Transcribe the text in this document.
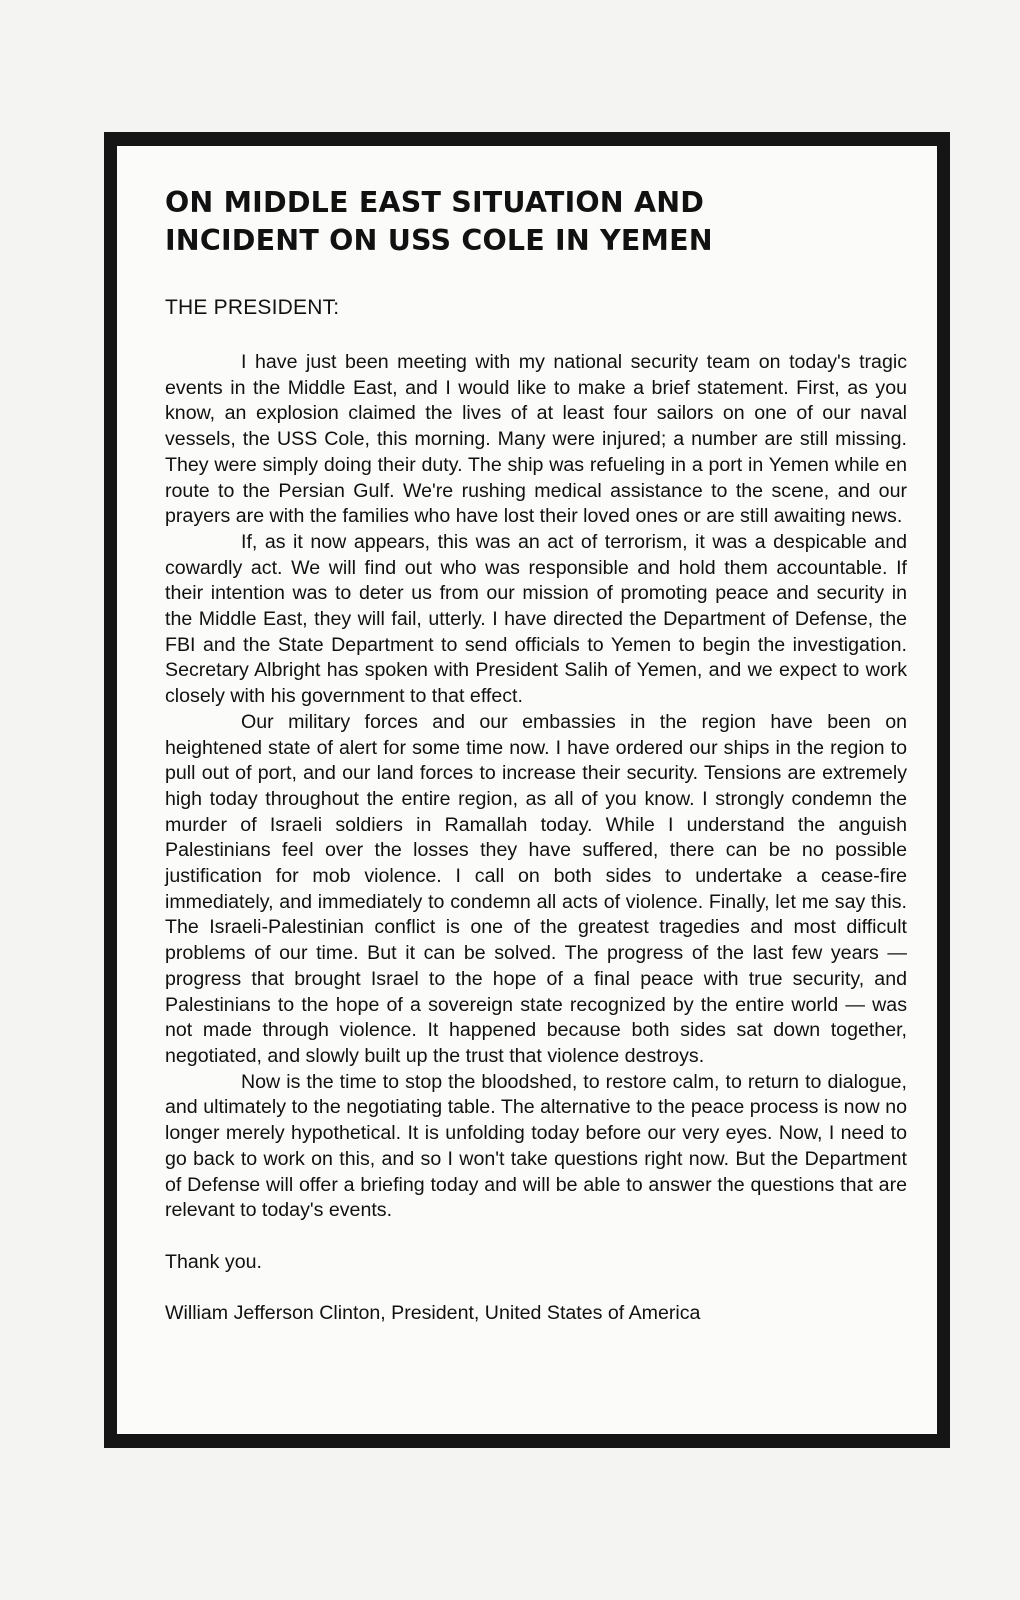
ON MIDDLE EAST SITUATION AND
INCIDENT ON USS COLE IN YEMEN
THE PRESIDENT:

I have just been meeting with my national security team on today's tragic events in the Middle East, and I would like to make a brief statement. First, as you know, an explosion claimed the lives of at least four sailors on one of our naval vessels, the USS Cole, this morning. Many were injured; a number are still missing. They were simply doing their duty. The ship was refueling in a port in Yemen while en route to the Persian Gulf. We're rushing medical assistance to the scene, and our prayers are with the families who have lost their loved ones or are still awaiting news.

If, as it now appears, this was an act of terrorism, it was a despicable and cowardly act. We will find out who was responsible and hold them accountable. If their intention was to deter us from our mission of promoting peace and security in the Middle East, they will fail, utterly. I have directed the Department of Defense, the FBI and the State Department to send officials to Yemen to begin the investigation. Secretary Albright has spoken with President Salih of Yemen, and we expect to work closely with his government to that effect.

Our military forces and our embassies in the region have been on heightened state of alert for some time now. I have ordered our ships in the region to pull out of port, and our land forces to increase their security. Tensions are extremely high today throughout the entire region, as all of you know. I strongly condemn the murder of Israeli soldiers in Ramallah today. While I understand the anguish Palestinians feel over the losses they have suffered, there can be no possible justification for mob violence. I call on both sides to undertake a cease-fire immediately, and immediately to condemn all acts of violence. Finally, let me say this. The Israeli-Palestinian conflict is one of the greatest tragedies and most difficult problems of our time. But it can be solved. The progress of the last few years — progress that brought Israel to the hope of a final peace with true security, and Palestinians to the hope of a sovereign state recognized by the entire world — was not made through violence. It happened because both sides sat down together, negotiated, and slowly built up the trust that violence destroys.

Now is the time to stop the bloodshed, to restore calm, to return to dialogue, and ultimately to the negotiating table. The alternative to the peace process is now no longer merely hypothetical. It is unfolding today before our very eyes. Now, I need to go back to work on this, and so I won't take questions right now. But the Department of Defense will offer a briefing today and will be able to answer the questions that are relevant to today's events.

Thank you.
William Jefferson Clinton, President, United States of America
